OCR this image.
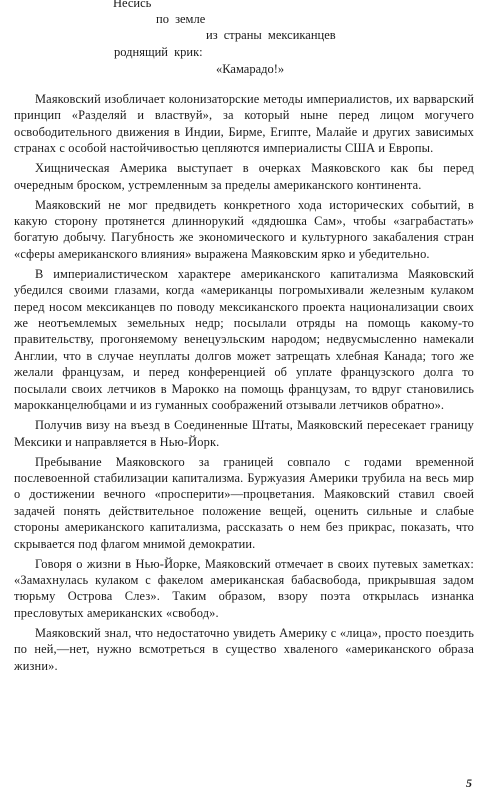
Несись
по земле
из страны мексиканцев
роднящий крик:
«Камарадо!»

Маяковский изобличает колонизаторские методы империалистов, их варварский принцип «Разделяй и властвуй», за который ныне перед лицом могучего освободительного движения в Индии, Бирме, Египте, Малайе и других зависимых странах с особой настойчивостью цепляются империалисты США и Европы.

Хищническая Америка выступает в очерках Маяковского как бы перед очередным броском, устремленным за пределы американского континента.

Маяковский не мог предвидеть конкретного хода исторических событий, в какую сторону протянется длиннорукий «дядюшка Сам», чтобы «заграбастать» богатую добычу. Пагубность же экономического и культурного закабаления стран «сферы американского влияния» выражена Маяковским ярко и убедительно.

В империалистическом характере американского капитализма Маяковский убедился своими глазами, когда «американцы погромыхивали железным кулаком перед носом мексиканцев по поводу мексиканского проекта национализации своих же неотъемлемых земельных недр; посылали отряды на помощь какому-то правительству, прогоняемому венецуэльским народом; недвусмысленно намекали Англии, что в случае неуплаты долгов может затрещать хлебная Канада; того же желали французам, и перед конференцией об уплате французского долга то посылали своих летчиков в Марокко на помощь французам, то вдруг становились марокканцелюбцами и из гуманных соображений отзывали летчиков обратно».

Получив визу на въезд в Соединенные Штаты, Маяковский пересекает границу Мексики и направляется в Нью-Йорк.

Пребывание Маяковского за границей совпало с годами временной послевоенной стабилизации капитализма. Буржуазия Америки трубила на весь мир о достижении вечного «просперити»—процветания. Маяковский ставил своей задачей понять действительное положение вещей, оценить сильные и слабые стороны американского капитализма, рассказать о нем без прикрас, показать, что скрывается под флагом мнимой демократии.

Говоря о жизни в Нью-Йорке, Маяковский отмечает в своих путевых заметках: «Замахнулась кулаком с факелом американская бабасвобода, прикрывшая задом тюрьму Острова Слез». Таким образом, взору поэта открылась изнанка пресловутых американских «свобод».

Маяковский знал, что недостаточно увидеть Америку с «лица», просто поездить по ней,—нет, нужно всмотреться в существо хваленого «американского образа жизни».

5
